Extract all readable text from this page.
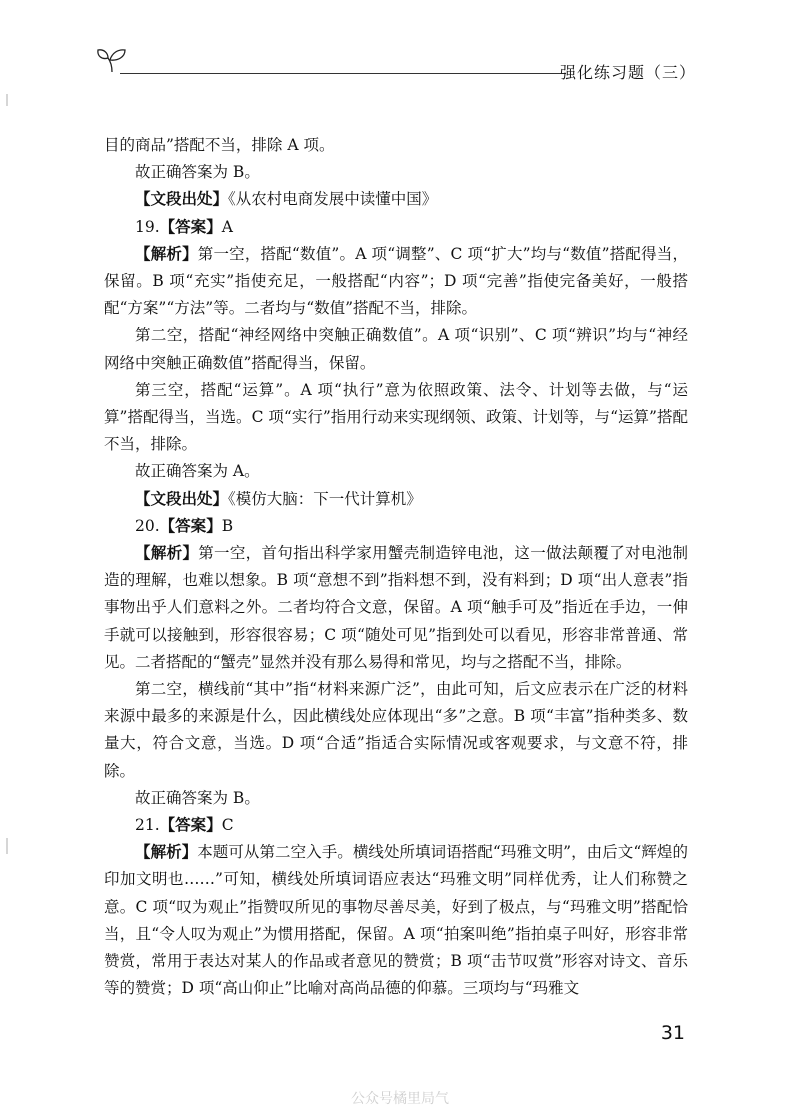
强化练习题（三）

目的商品”搭配不当，排除 A 项。

故正确答案为 B。

【文段出处】《从农村电商发展中读懂中国》

19.【答案】A

【解析】第一空，搭配“数值”。A 项“调整”、C 项“扩大”均与“数值”搭配得当，保留。B 项“充实”指使充足，一般搭配“内容”；D 项“完善”指使完备美好，一般搭配“方案”“方法”等。二者均与“数值”搭配不当，排除。

第二空，搭配“神经网络中突触正确数值”。A 项“识别”、C 项“辨识”均与“神经网络中突触正确数值”搭配得当，保留。

第三空，搭配“运算”。A 项“执行”意为依照政策、法令、计划等去做，与“运算”搭配得当，当选。C 项“实行”指用行动来实现纲领、政策、计划等，与“运算”搭配不当，排除。

故正确答案为 A。

【文段出处】《模仿大脑：下一代计算机》

20.【答案】B

【解析】第一空，首句指出科学家用蟹壳制造锌电池，这一做法颠覆了对电池制造的理解，也难以想象。B 项“意想不到”指料想不到，没有料到；D 项“出人意表”指事物出乎人们意料之外。二者均符合文意，保留。A 项“触手可及”指近在手边，一伸手就可以接触到，形容很容易；C 项“随处可见”指到处可以看见，形容非常普通、常见。二者搭配的“蟹壳”显然并没有那么易得和常见，均与之搭配不当，排除。

第二空，横线前“其中”指“材料来源广泛”，由此可知，后文应表示在广泛的材料来源中最多的来源是什么，因此横线处应体现出“多”之意。B 项“丰富”指种类多、数量大，符合文意，当选。D 项“合适”指适合实际情况或客观要求，与文意不符，排除。

故正确答案为 B。

21.【答案】C

【解析】本题可从第二空入手。横线处所填词语搭配“玛雅文明”，由后文“辉煌的印加文明也……”可知，横线处所填词语应表达“玛雅文明”同样优秀，让人们称赞之意。C 项“叹为观止”指赞叹所见的事物尽善尽美，好到了极点，与“玛雅文明”搭配恰当，且“令人叹为观止”为惯用搭配，保留。A 项“拍案叫绝”指拍桌子叫好，形容非常赞赏，常用于表达对某人的作品或者意见的赞赏；B 项“击节叹赏”形容对诗文、音乐等的赞赏；D 项“高山仰止”比喻对高尚品德的仰慕。三项均与“玛雅文

31
公众号橘里局气
